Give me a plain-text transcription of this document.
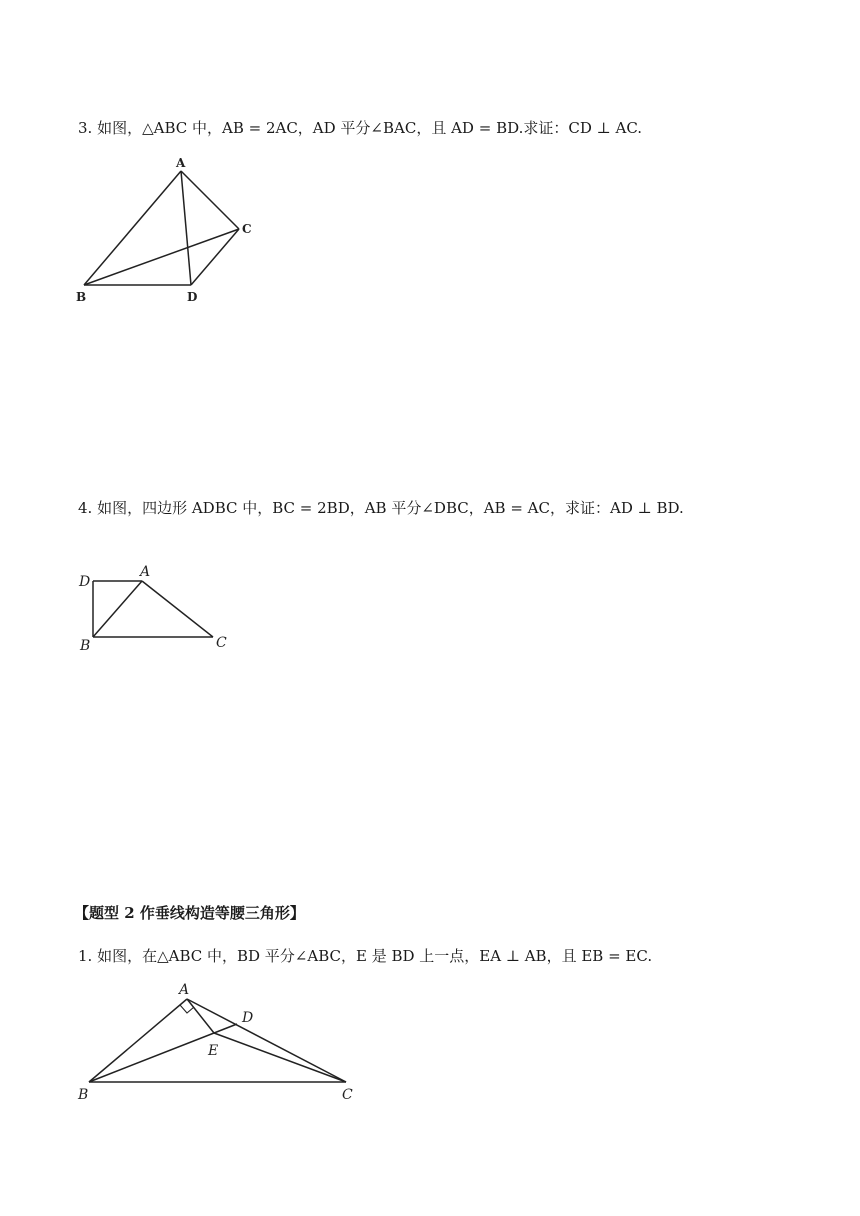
3. 如图，△ABC 中，AB = 2AC，AD 平分∠BAC，且 AD = BD.求证：CD ⊥ AC.
A
B
C
D
4. 如图，四边形 ADBC 中，BC = 2BD，AB 平分∠DBC，AB = AC，求证：AD ⊥ BD.
D
A
B	C
【题型 2 作垂线构造等腰三角形】
1. 如图，在△ABC 中，BD 平分∠ABC，E 是 BD 上一点，EA ⊥ AB，且 EB = EC.
A
B	C
D
E
